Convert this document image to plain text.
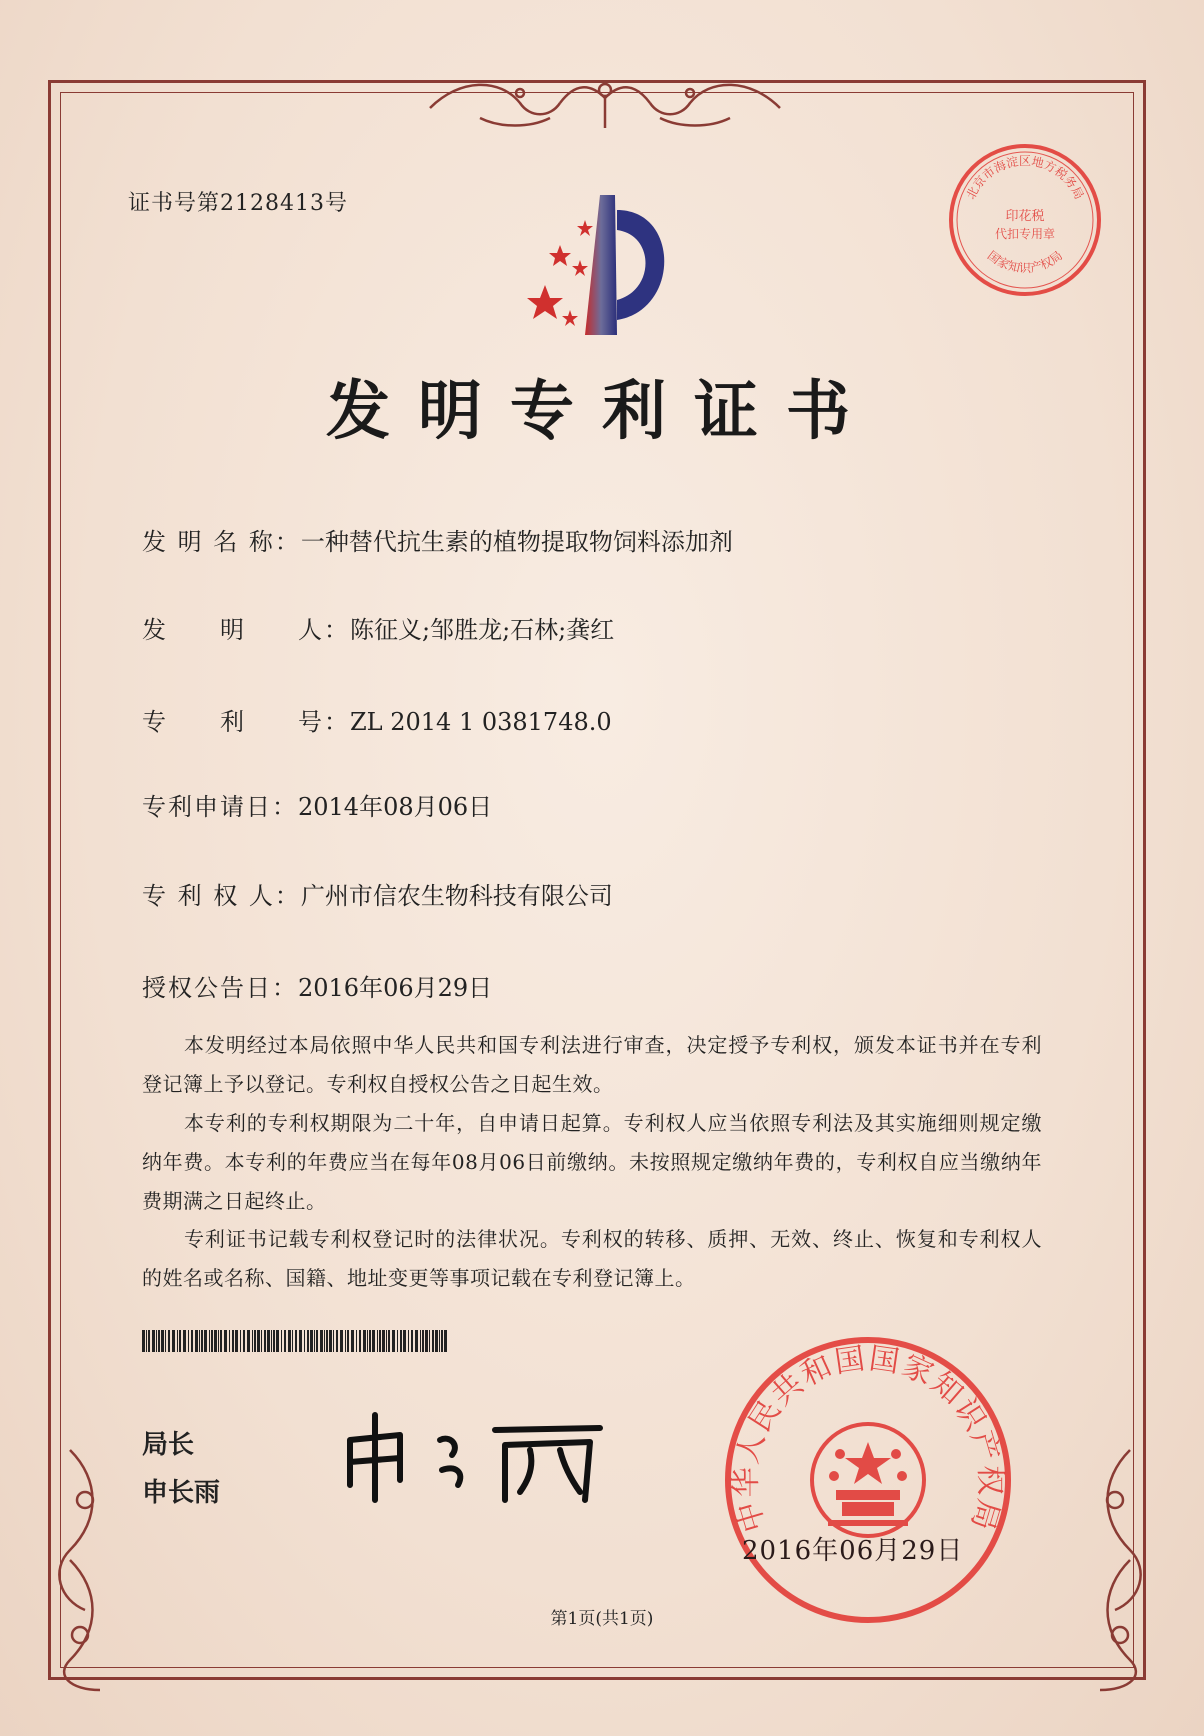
证书号第2128413号	北京市海淀区地方税务局
印花税
代扣专用章
国家知识产权局
发明专利证书
发 明 名 称：一种替代抗生素的植物提取物饲料添加剂
发　　明　　人：陈征义;邹胜龙;石林;龚红
专　　利　　号：ZL 2014 1 0381748.0
专利申请日：2014年08月06日
专 利 权 人：广州市信农生物科技有限公司
授权公告日：2016年06月29日
本发明经过本局依照中华人民共和国专利法进行审查，决定授予专利权，颁发本证书并在专利登记簿上予以登记。专利权自授权公告之日起生效。
本专利的专利权期限为二十年，自申请日起算。专利权人应当依照专利法及其实施细则规定缴纳年费。本专利的年费应当在每年08月06日前缴纳。未按照规定缴纳年费的，专利权自应当缴纳年费期满之日起终止。
专利证书记载专利权登记时的法律状况。专利权的转移、质押、无效、终止、恢复和专利权人的姓名或名称、国籍、地址变更等事项记载在专利登记簿上。
局长
申长雨
中华人民共和国国家知识产权局
2016年06月29日
第1页(共1页)
